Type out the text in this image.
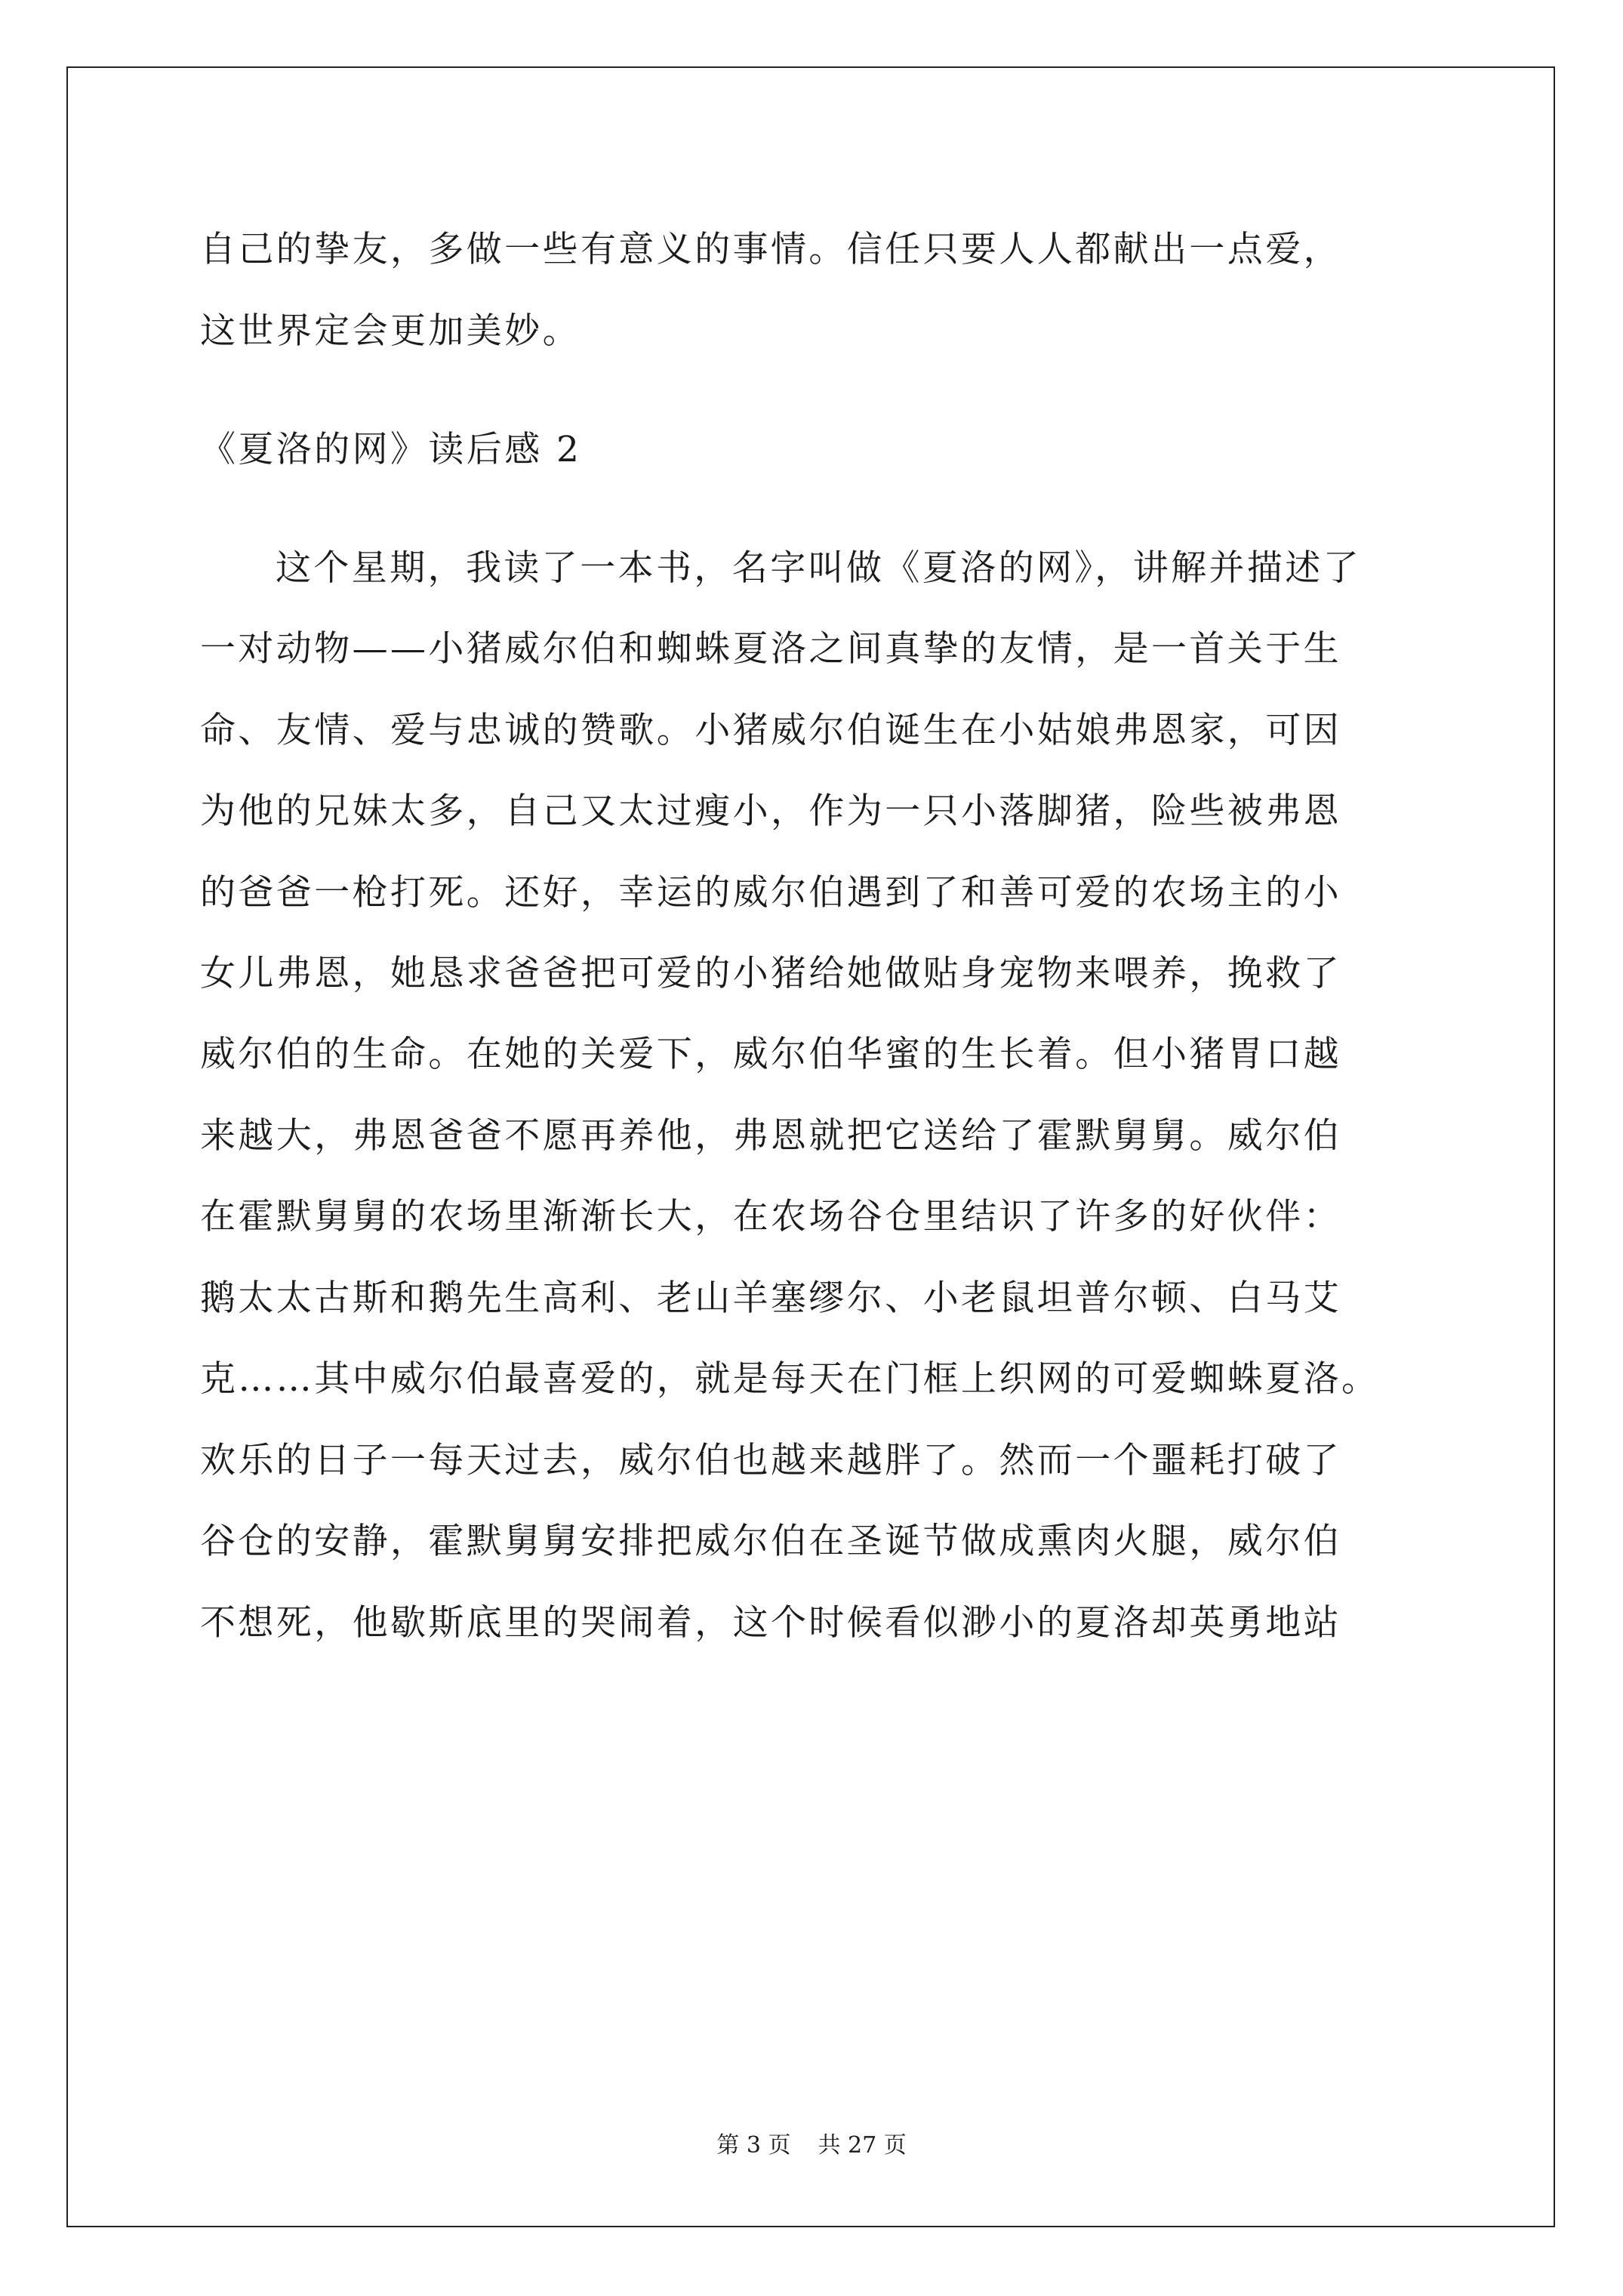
自己的挚友，多做一些有意义的事情。信任只要人人都献出一点爱，
这世界定会更加美妙。
《夏洛的网》读后感 2
这个星期，我读了一本书，名字叫做《夏洛的网》，讲解并描述了
一对动物——小猪威尔伯和蜘蛛夏洛之间真挚的友情，是一首关于生
命、友情、爱与忠诚的赞歌。小猪威尔伯诞生在小姑娘弗恩家，可因
为他的兄妹太多，自己又太过瘦小，作为一只小落脚猪，险些被弗恩
的爸爸一枪打死。还好，幸运的威尔伯遇到了和善可爱的农场主的小
女儿弗恩，她恳求爸爸把可爱的小猪给她做贴身宠物来喂养，挽救了
威尔伯的生命。在她的关爱下，威尔伯华蜜的生长着。但小猪胃口越
来越大，弗恩爸爸不愿再养他，弗恩就把它送给了霍默舅舅。威尔伯
在霍默舅舅的农场里渐渐长大，在农场谷仓里结识了许多的好伙伴：
鹅太太古斯和鹅先生高利、老山羊塞缪尔、小老鼠坦普尔顿、白马艾
克……其中威尔伯最喜爱的，就是每天在门框上织网的可爱蜘蛛夏洛。
欢乐的日子一每天过去，威尔伯也越来越胖了。然而一个噩耗打破了
谷仓的安静，霍默舅舅安排把威尔伯在圣诞节做成熏肉火腿，威尔伯
不想死，他歇斯底里的哭闹着，这个时候看似渺小的夏洛却英勇地站
第 3 页 共 27 页
